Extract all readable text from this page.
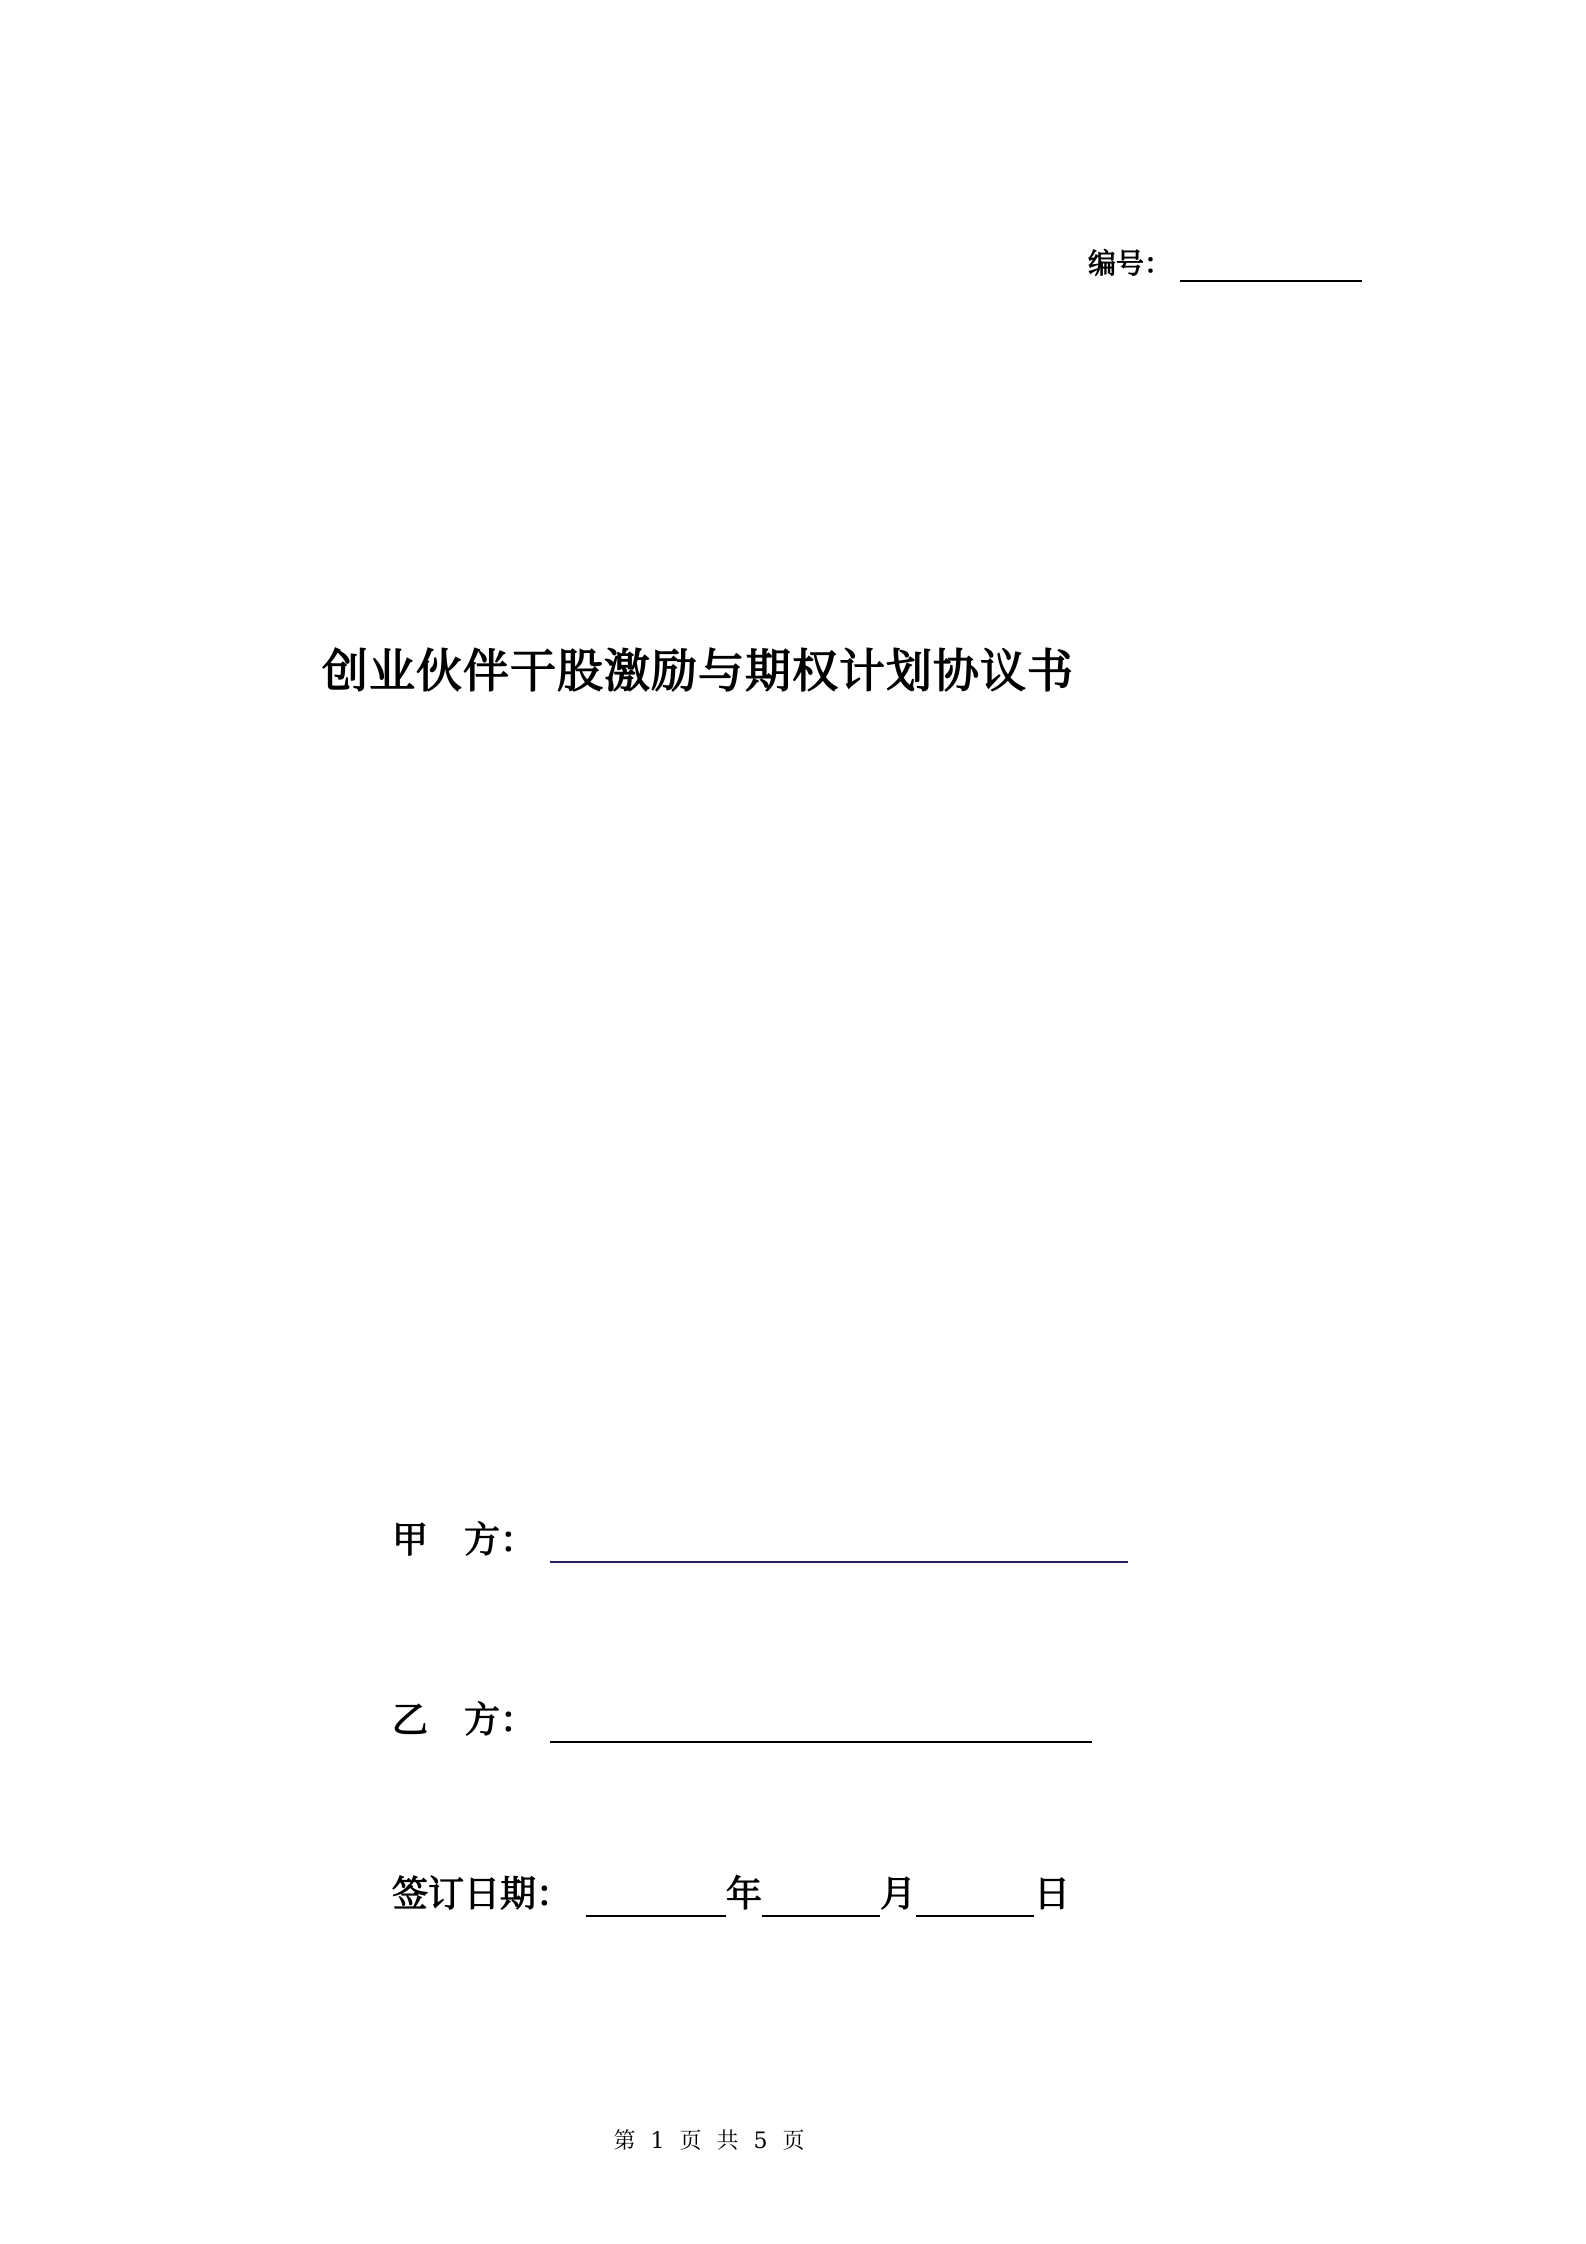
编号：
创业伙伴干股激励与期权计划协议书
甲 方：
乙 方：
签订日期：	年	月	日
第 1 页 共 5 页
